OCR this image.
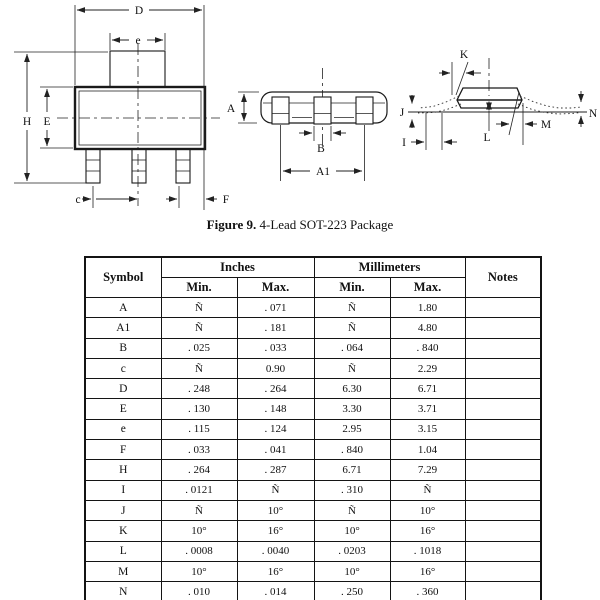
D
e
H E
c	F
A
B
A1
K
L
M
J
I
N
Figure 9. 4-Lead SOT-223 Package
Symbol	Inches		Millimeters		Notes
	Min.	Max.	Min.	Max.	
A	Ñ	. 071	Ñ	1.80	
A1	Ñ	. 181	Ñ	4.80	
B	. 025	. 033	. 064	. 840	
c	Ñ	0.90	Ñ	2.29	
D	. 248	. 264	6.30	6.71	
E	. 130	. 148	3.30	3.71	
e	. 115	. 124	2.95	3.15	
F	. 033	. 041	. 840	1.04	
H	. 264	. 287	6.71	7.29	
I	. 0121	Ñ	. 310	Ñ	
J	Ñ	10°	Ñ	10°	
K	10°	16°	10°	16°	
L	. 0008	. 0040	. 0203	. 1018	
M	10°	16°	10°	16°	
N	. 010	. 014	. 250	. 360	
